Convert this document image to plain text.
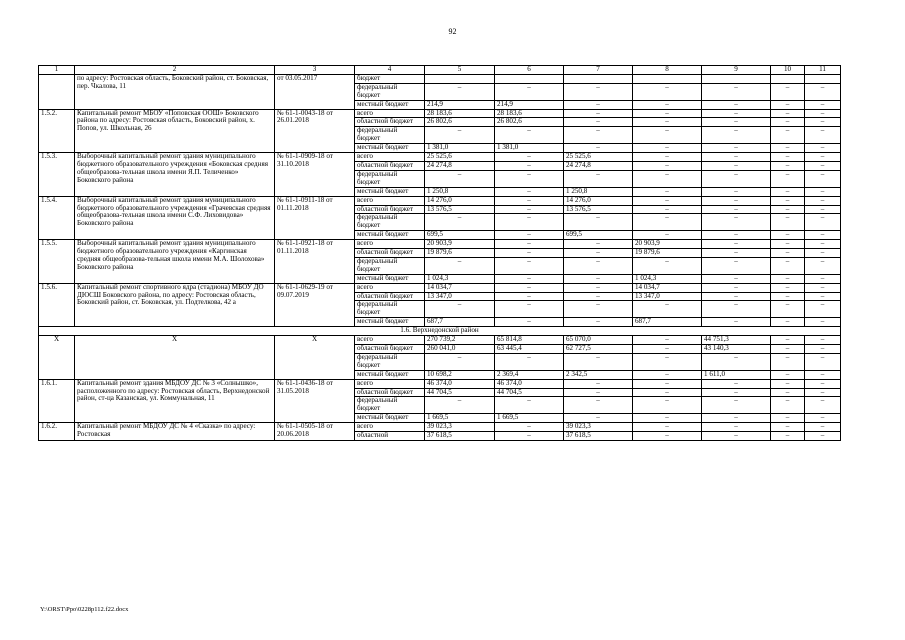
92
1	2	3	4	5	6	7	8	9	10	11
	по адресу: Ростовская область, Боковский район, ст. Боковская, пер. Чкалова, 11	от 03.05.2017	бюджет							
			федеральный бюджет	–	–	–	–	–	–	–
			местный бюджет	214,9	214,9	–	–	–	–	–
1.5.2.	Капитальный ремонт МБОУ «Поповская ООШ» Боковского района по адресу: Ростовская область, Боковский район, х. Попов, ул. Школьная, 26	№ 61-1-0043-18 от 26.01.2018	всего	28 183,6	28 183,6	–	–	–	–	–
			областной бюджет	26 802,6	26 802,6	–	–	–	–	–
			федеральный бюджет	–	–	–	–	–	–	–
			местный бюджет	1 381,0	1 381,0	–	–	–	–	–
1.5.3.	Выборочный капитальный ремонт здания муниципального бюджетного образовательного учреждения «Боковская средняя общеобразова-тельная школа имени Я.П. Теличенко» Боковского района	№ 61-1-0909-18 от 31.10.2018	всего	25 525,6	–	25 525,6	–	–	–	–
			областной бюджет	24 274,8	–	24 274,8	–	–	–	–
			федеральный бюджет	–	–	–	–	–	–	–
			местный бюджет	1 250,8	–	1 250,8	–	–	–	–
1.5.4.	Выборочный капитальный ремонт здания муниципального бюджетного образовательного учреждения «Грачевская средняя общеобразова-тельная школа имени С.Ф. Лиховидова» Боковского района	№ 61-1-0911-18 от 01.11.2018	всего	14 276,0	–	14 276,0	–	–	–	–
			областной бюджет	13 576,5	–	13 576,5	–	–	–	–
			федеральный бюджет	–	–	–	–	–	–	–
			местный бюджет	699,5	–	699,5	–	–	–	–
1.5.5.	Выборочный капитальный ремонт здания муниципального бюджетного образовательного учреждения «Каргинская средняя общеобразова-тельная школа имени М.А. Шолохова» Боковского района	№ 61-1-0921-18 от 01.11.2018	всего	20 903,9	–	–	20 903,9	–	–	–
			областной бюджет	19 879,6	–	–	19 879,6	–	–	–
			федеральный бюджет	–	–	–	–	–	–	–
			местный бюджет	1 024,3	–	–	1 024,3	–	–	–
1.5.6.	Капитальный ремонт спортивного ядра (стадиона) МБОУ ДО ДЮСШ Боковского района, по адресу: Ростовская область, Боковский район, ст. Боковская, ул. Подтелкова, 42 а	№ 61-1-0629-19 от 09.07.2019	всего	14 034,7	–	–	14 034,7	–	–	–
			областной бюджет	13 347,0	–	–	13 347,0	–	–	–
			федеральный бюджет	–	–	–	–	–	–	–
			местный бюджет	687,7	–	–	687,7	–	–	–
1.6. Верхнедонской район										
Х	Х	Х	всего	270 739,2	65 814,8	65 070,0	–	44 751,3	–	–
			областной бюджет	260 041,0	63 445,4	62 727,5	–	43 140,3	–	–
			федеральный бюджет	–	–	–	–	–	–	–
			местный бюджет	10 698,2	2 369,4	2 342,5	–	1 611,0	–	–
1.6.1.	Капитальный ремонт здания МБДОУ ДС № 3 «Солнышко», расположенного по адресу: Ростовская область, Верхнедонской район, ст-ца Казанская, ул. Коммунальная, 11	№ 61-1-0436-18 от 31.05.2018	всего	46 374,0	46 374,0	–	–	–	–	–
			областной бюджет	44 704,5	44 704,5	–	–	–	–	–
			федеральный бюджет	–	–	–	–	–	–	–
			местный бюджет	1 669,5	1 669,5	–	–	–	–	–
1.6.2.	Капитальный ремонт МБДОУ ДС № 4 «Сказка» по адресу: Ростовская	№ 61-1-0505-18 от 20.06.2018	всего	39 023,3	–	39 023,3	–	–	–	–
			областной	37 618,5	–	37 618,5	–	–	–	–
Y:\ORST\Ppo\0228p112.f22.docx
